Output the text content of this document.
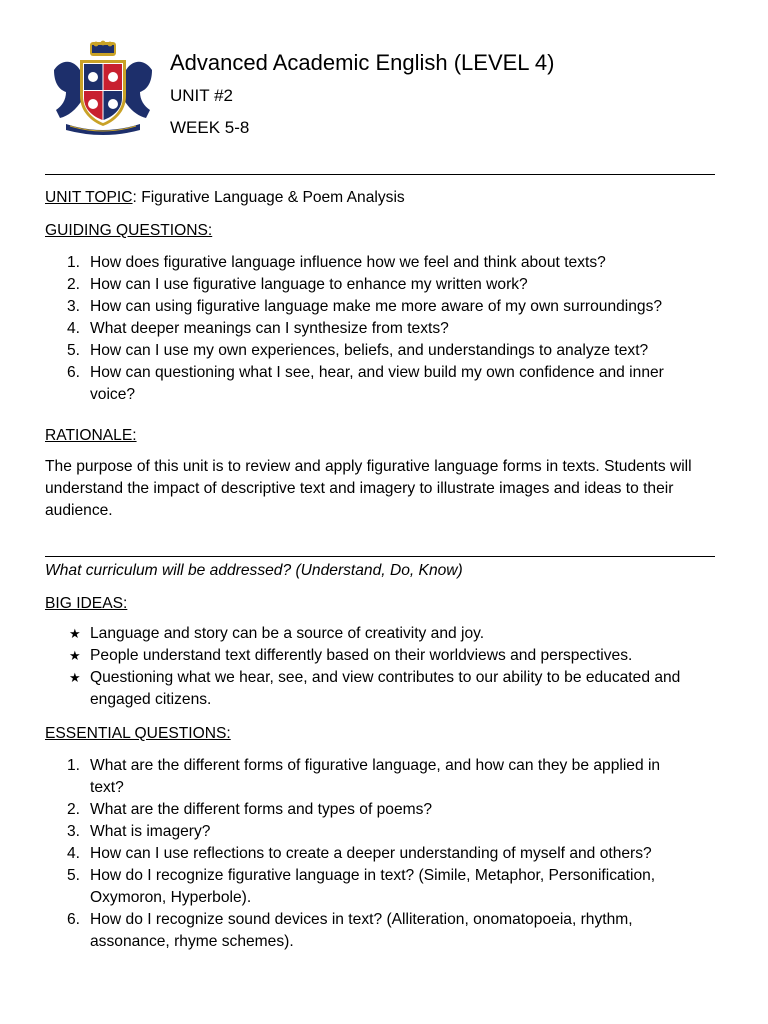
Advanced Academic English (LEVEL 4)
UNIT #2
WEEK 5-8
UNIT TOPIC: Figurative Language & Poem Analysis
GUIDING QUESTIONS:
1. How does figurative language influence how we feel and think about texts?
2. How can I use figurative language to enhance my written work?
3. How can using figurative language make me more aware of my own surroundings?
4. What deeper meanings can I synthesize from texts?
5. How can I use my own experiences, beliefs, and understandings to analyze text?
6. How can questioning what I see, hear, and view build my own confidence and inner
voice?
RATIONALE:
The purpose of this unit is to review and apply figurative language forms in texts. Students will
understand the impact of descriptive text and imagery to illustrate images and ideas to their
audience.
What curriculum will be addressed? (Understand, Do, Know)
BIG IDEAS:
★ Language and story can be a source of creativity and joy.
★ People understand text differently based on their worldviews and perspectives.
★ Questioning what we hear, see, and view contributes to our ability to be educated and
engaged citizens.
ESSENTIAL QUESTIONS:
1. What are the different forms of figurative language, and how can they be applied in
text?
2. What are the different forms and types of poems?
3. What is imagery?
4. How can I use reflections to create a deeper understanding of myself and others?
5. How do I recognize figurative language in text? (Simile, Metaphor, Personification,
Oxymoron, Hyperbole).
6. How do I recognize sound devices in text? (Alliteration, onomatopoeia, rhythm,
assonance, rhyme schemes).
